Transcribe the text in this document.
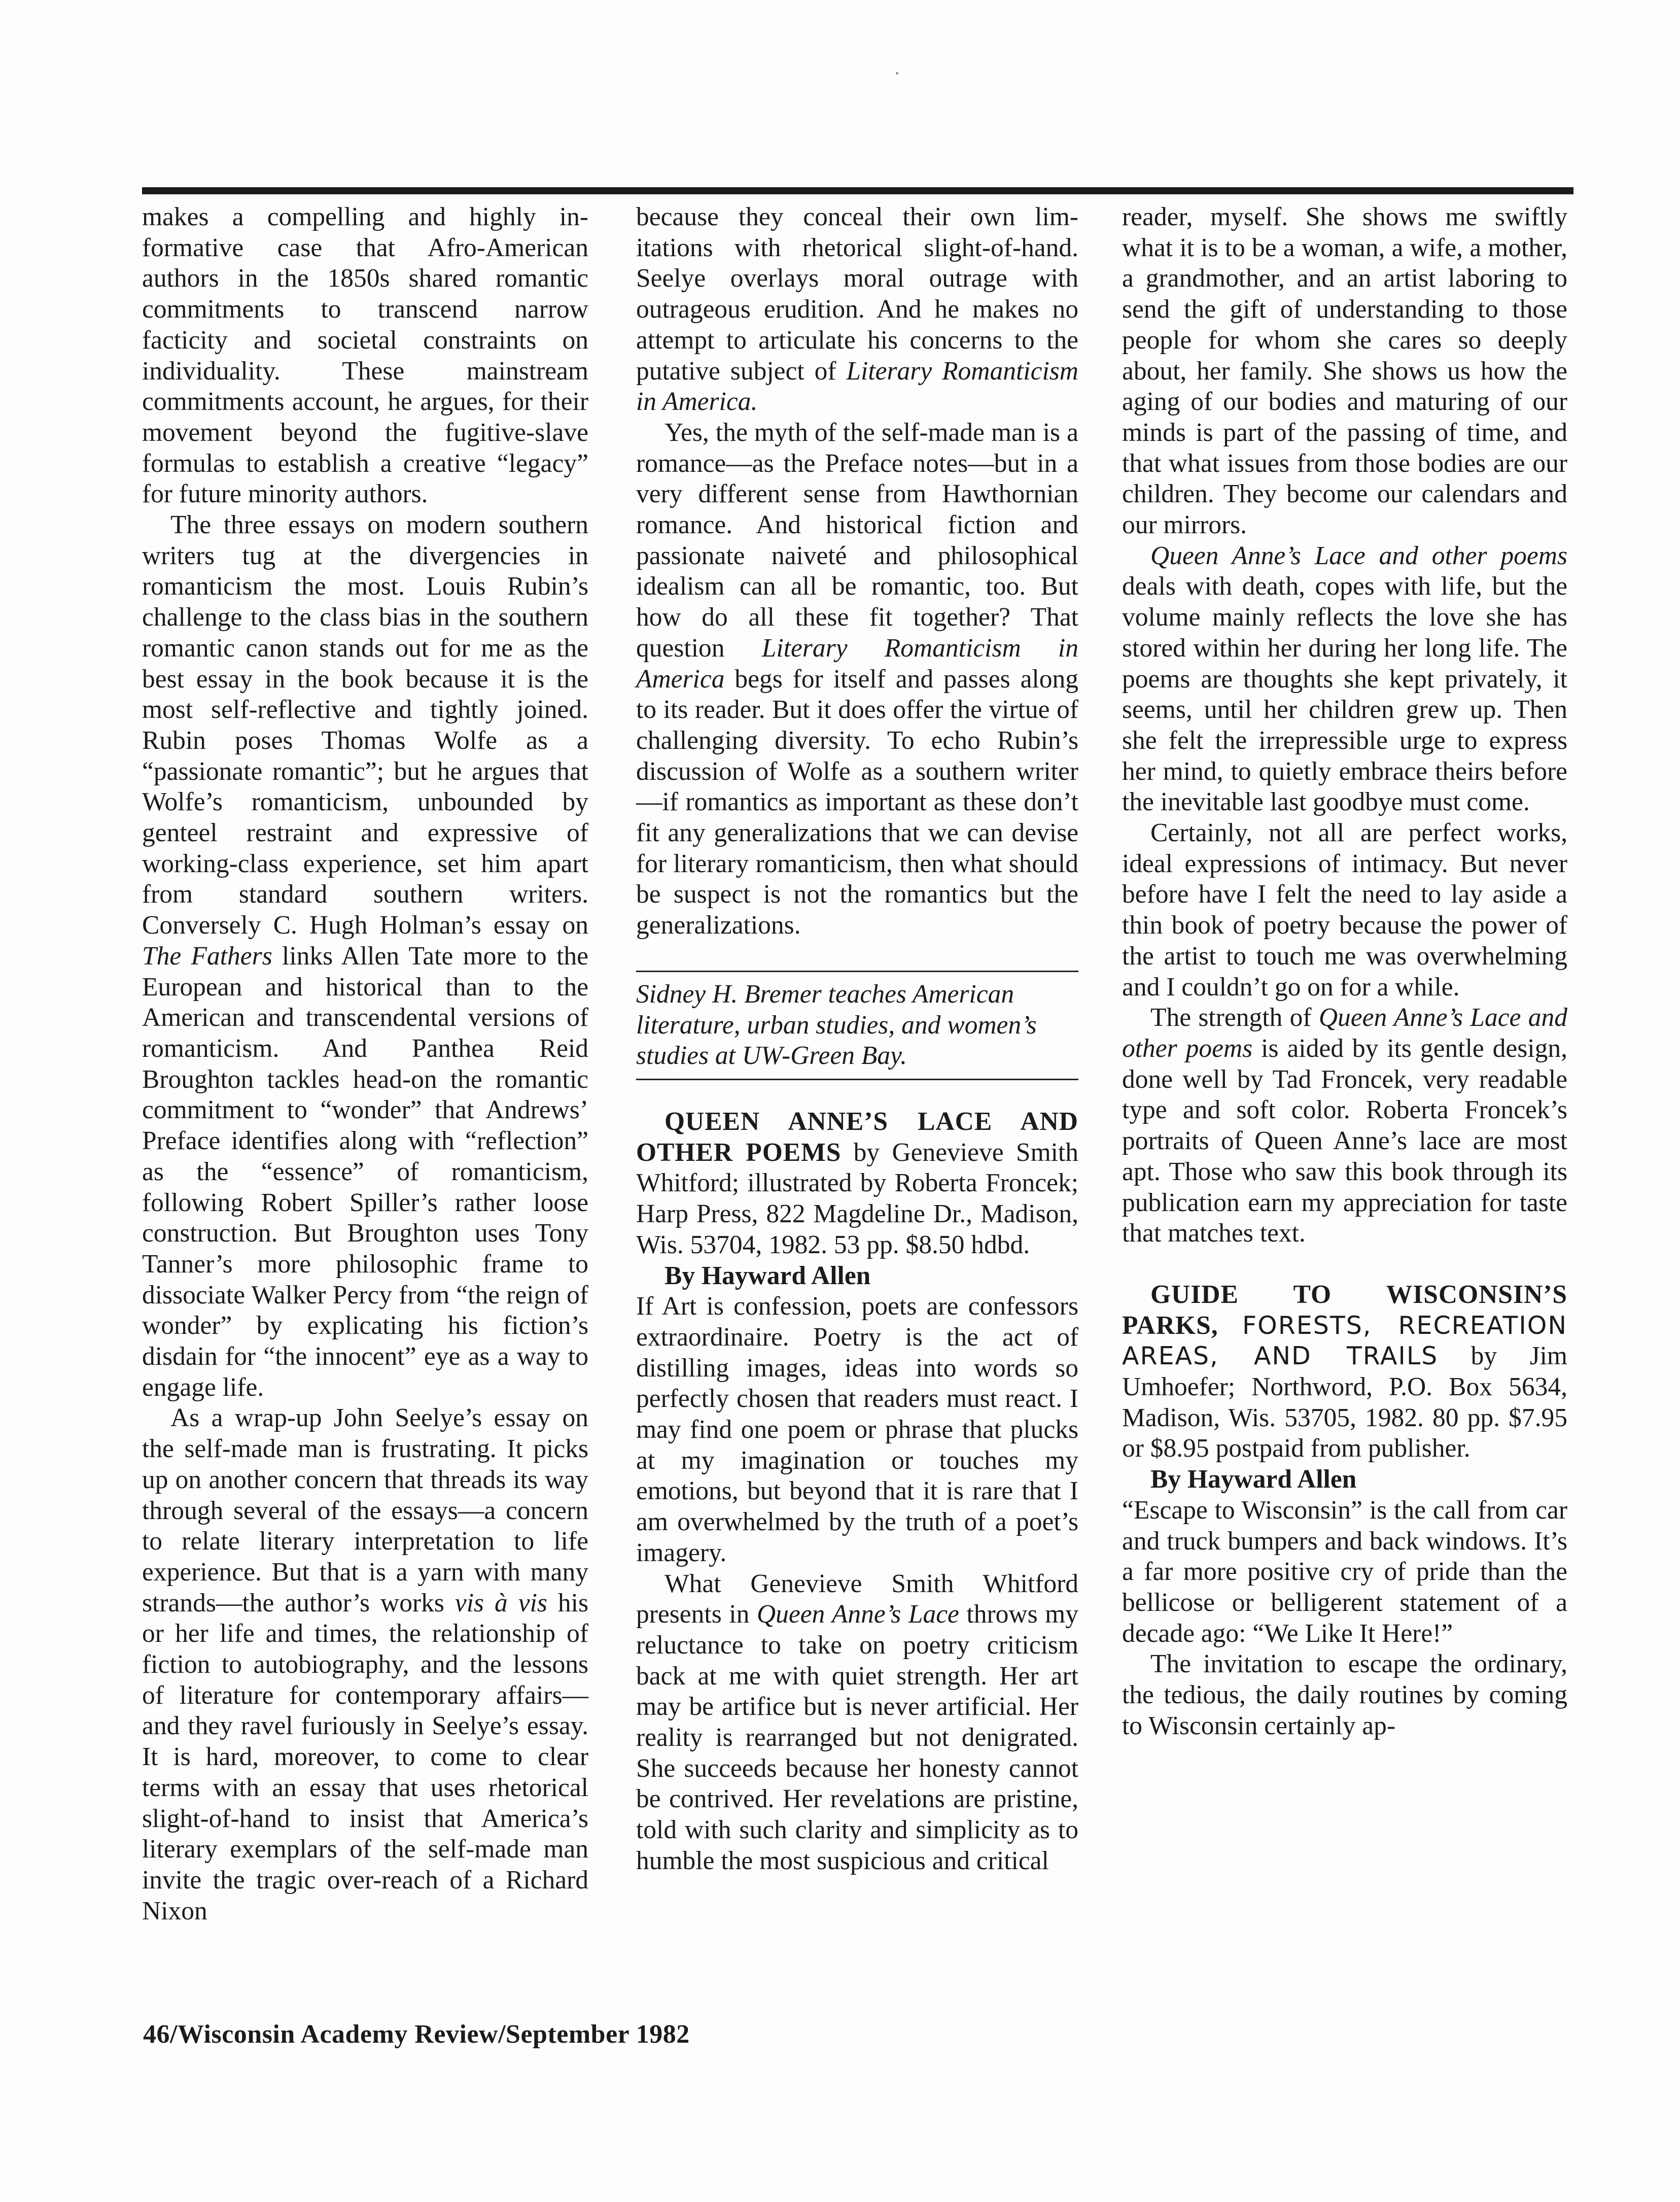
makes a compelling and highly informative case that Afro-American authors in the 1850s shared romantic commitments to transcend narrow facticity and societal constraints on individuality. These mainstream commitments account, he argues, for their movement beyond the fugitive-slave formulas to establish a creative “legacy” for future minority authors.

The three essays on modern southern writers tug at the divergencies in romanticism the most. Louis Rubin’s challenge to the class bias in the southern romantic canon stands out for me as the best essay in the book because it is the most self-reflective and tightly joined. Rubin poses Thomas Wolfe as a “passionate romantic”; but he argues that Wolfe’s romanticism, unbounded by genteel restraint and expressive of working-class experience, set him apart from standard southern writers. Conversely C. Hugh Holman’s essay on The Fathers links Allen Tate more to the European and historical than to the American and transcendental versions of romanticism. And Panthea Reid Broughton tackles head-on the romantic commitment to “wonder” that Andrews’ Preface identifies along with “reflection” as the “essence” of romanticism, following Robert Spiller’s rather loose construction. But Broughton uses Tony Tanner’s more philosophic frame to dissociate Walker Percy from “the reign of wonder” by explicating his fiction’s disdain for “the innocent” eye as a way to engage life.

As a wrap-up John Seelye’s essay on the self-made man is frustrating. It picks up on another concern that threads its way through several of the essays—a concern to relate literary interpretation to life experience. But that is a yarn with many strands—the author’s works vis à vis his or her life and times, the relationship of fiction to autobiography, and the lessons of literature for contemporary affairs—and they ravel furiously in Seelye’s essay. It is hard, moreover, to come to clear terms with an essay that uses rhetorical slight-of-hand to insist that America’s literary exemplars of the self-made man invite the tragic over-reach of a Richard Nixon

because they conceal their own limitations with rhetorical slight-of-hand. Seelye overlays moral outrage with outrageous erudition. And he makes no attempt to articulate his concerns to the putative subject of Literary Romanticism in America.

Yes, the myth of the self-made man is a romance—as the Preface notes—but in a very different sense from Hawthornian romance. And historical fiction and passionate naiveté and philosophical idealism can all be romantic, too. But how do all these fit together? That question Literary Romanticism in America begs for itself and passes along to its reader. But it does offer the virtue of challenging diversity. To echo Rubin’s discussion of Wolfe as a southern writer—if romantics as important as these don’t fit any generalizations that we can devise for literary romanticism, then what should be suspect is not the romantics but the generalizations.

Sidney H. Bremer teaches American literature, urban studies, and women’s studies at UW-Green Bay.

QUEEN ANNE’S LACE AND OTHER POEMS by Genevieve Smith Whitford; illustrated by Roberta Froncek; Harp Press, 822 Magdeline Dr., Madison, Wis. 53704, 1982. 53 pp. $8.50 hdbd.

By Hayward Allen

If Art is confession, poets are confessors extraordinaire. Poetry is the act of distilling images, ideas into words so perfectly chosen that readers must react. I may find one poem or phrase that plucks at my imagination or touches my emotions, but beyond that it is rare that I am overwhelmed by the truth of a poet’s imagery.

What Genevieve Smith Whitford presents in Queen Anne’s Lace throws my reluctance to take on poetry criticism back at me with quiet strength. Her art may be artifice but is never artificial. Her reality is rearranged but not denigrated. She succeeds because her honesty cannot be contrived. Her revelations are pristine, told with such clarity and simplicity as to humble the most suspicious and critical

reader, myself. She shows me swiftly what it is to be a woman, a wife, a mother, a grandmother, and an artist laboring to send the gift of understanding to those people for whom she cares so deeply about, her family. She shows us how the aging of our bodies and maturing of our minds is part of the passing of time, and that what issues from those bodies are our children. They become our calendars and our mirrors.

Queen Anne’s Lace and other poems deals with death, copes with life, but the volume mainly reflects the love she has stored within her during her long life. The poems are thoughts she kept privately, it seems, until her children grew up. Then she felt the irrepressible urge to express her mind, to quietly embrace theirs before the inevitable last goodbye must come.

Certainly, not all are perfect works, ideal expressions of intimacy. But never before have I felt the need to lay aside a thin book of poetry because the power of the artist to touch me was overwhelming and I couldn’t go on for a while.

The strength of Queen Anne’s Lace and other poems is aided by its gentle design, done well by Tad Froncek, very readable type and soft color. Roberta Froncek’s portraits of Queen Anne’s lace are most apt. Those who saw this book through its publication earn my appreciation for taste that matches text.

GUIDE TO WISCONSIN’S PARKS, FORESTS, RECREATION AREAS, AND TRAILS by Jim Umhoefer; Northword, P.O. Box 5634, Madison, Wis. 53705, 1982. 80 pp. $7.95 or $8.95 postpaid from publisher.

By Hayward Allen

“Escape to Wisconsin” is the call from car and truck bumpers and back windows. It’s a far more positive cry of pride than the bellicose or belligerent statement of a decade ago: “We Like It Here!”

The invitation to escape the ordinary, the tedious, the daily routines by coming to Wisconsin certainly ap-

46/Wisconsin Academy Review/September 1982
